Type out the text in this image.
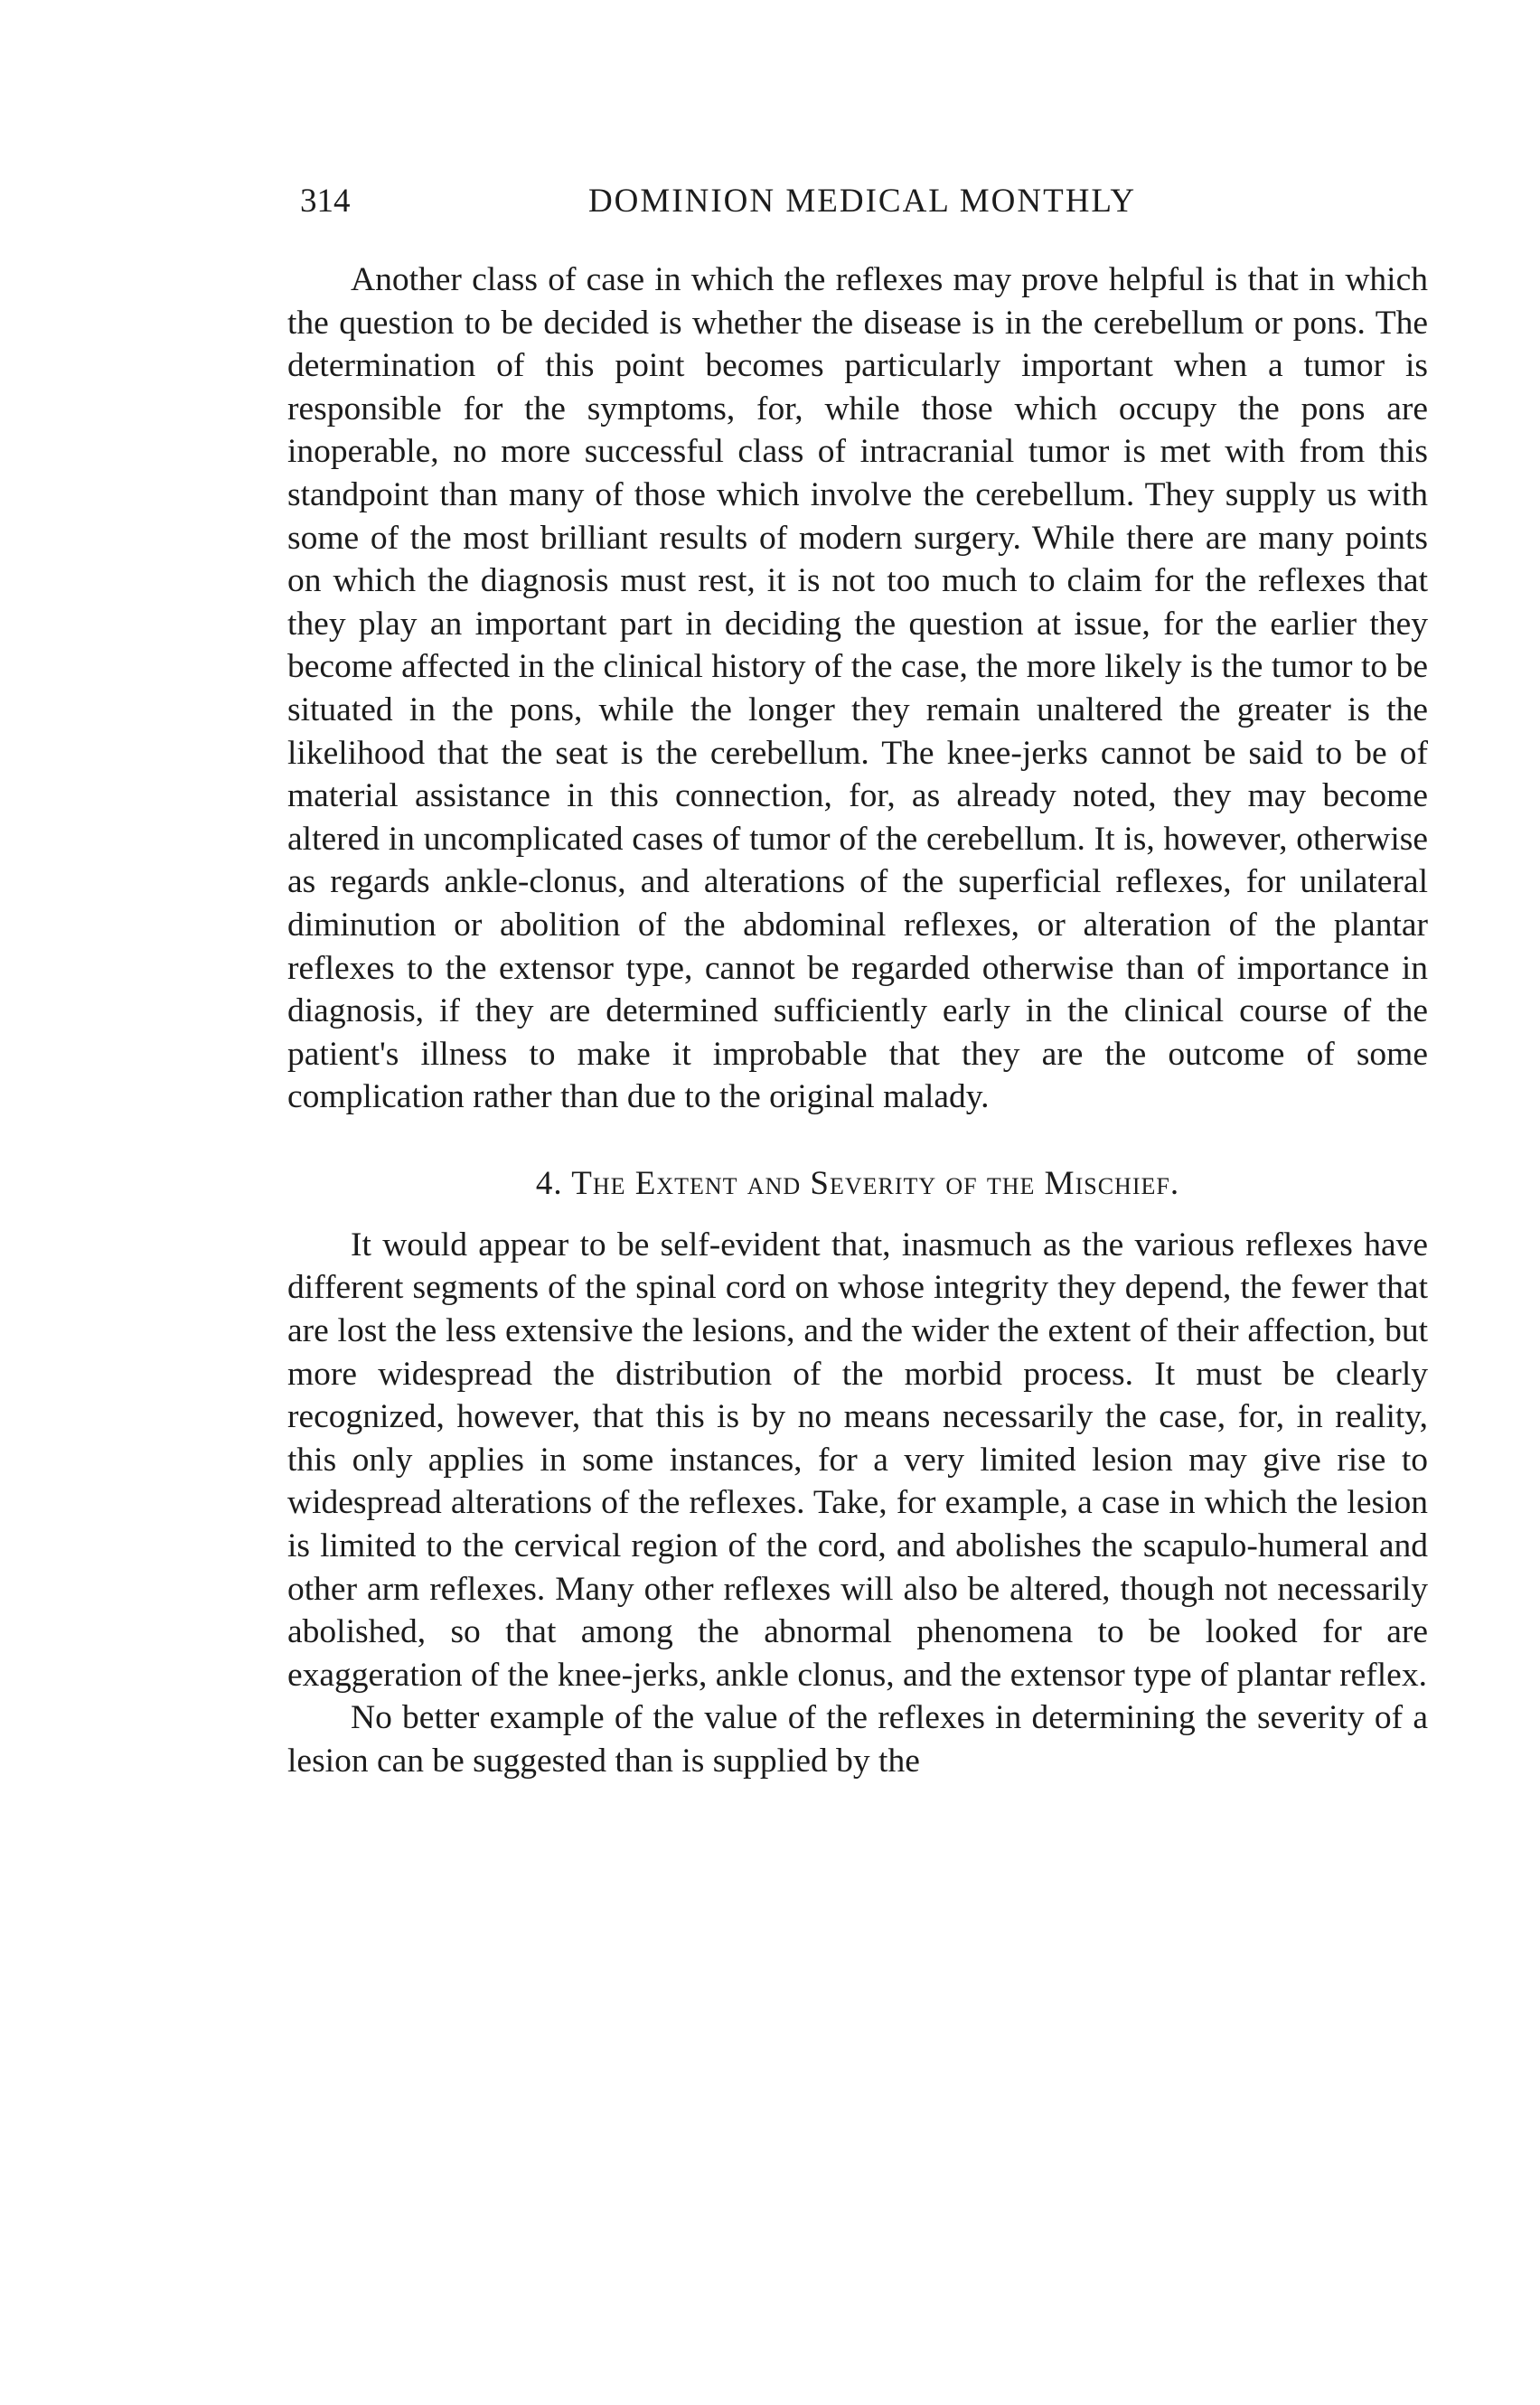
314	DOMINION MEDICAL MONTHLY

Another class of case in which the reflexes may prove helpful is that in which the question to be decided is whether the disease is in the cerebellum or pons. The determination of this point becomes particularly important when a tumor is responsible for the symptoms, for, while those which occupy the pons are inoperable, no more successful class of intracranial tumor is met with from this standpoint than many of those which involve the cerebellum. They supply us with some of the most brilliant results of modern surgery. While there are many points on which the diagnosis must rest, it is not too much to claim for the reflexes that they play an important part in deciding the question at issue, for the earlier they become affected in the clinical history of the case, the more likely is the tumor to be situated in the pons, while the longer they remain unaltered the greater is the likelihood that the seat is the cerebellum. The knee-jerks cannot be said to be of material assistance in this connection, for, as already noted, they may become altered in uncomplicated cases of tumor of the cerebellum. It is, however, otherwise as regards ankle-clonus, and alterations of the superficial reflexes, for unilateral diminution or abolition of the abdominal reflexes, or alteration of the plantar reflexes to the extensor type, cannot be regarded otherwise than of importance in diagnosis, if they are determined sufficiently early in the clinical course of the patient's illness to make it improbable that they are the outcome of some complication rather than due to the original malady.

4. The Extent and Severity of the Mischief.

It would appear to be self-evident that, inasmuch as the various reflexes have different segments of the spinal cord on whose integrity they depend, the fewer that are lost the less extensive the lesions, and the wider the extent of their affection, but more widespread the distribution of the morbid process. It must be clearly recognized, however, that this is by no means necessarily the case, for, in reality, this only applies in some instances, for a very limited lesion may give rise to widespread alterations of the reflexes. Take, for example, a case in which the lesion is limited to the cervical region of the cord, and abolishes the scapulo-humeral and other arm reflexes. Many other reflexes will also be altered, though not necessarily abolished, so that among the abnormal phenomena to be looked for are exaggeration of the knee-jerks, ankle clonus, and the extensor type of plantar reflex.

No better example of the value of the reflexes in determining the severity of a lesion can be suggested than is supplied by the
